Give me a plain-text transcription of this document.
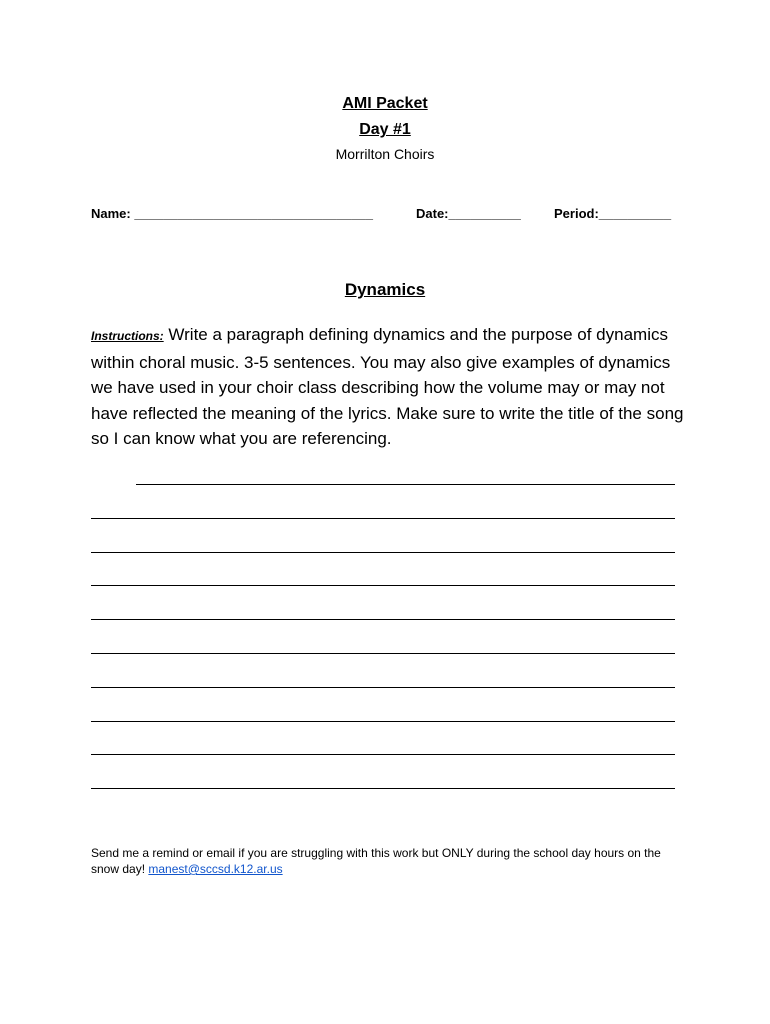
AMI Packet
Day #1
Morrilton Choirs
Name: _________________________________	Date:__________	Period:__________
Dynamics
Instructions: Write a paragraph defining dynamics and the purpose of dynamics within choral music. 3-5 sentences. You may also give examples of dynamics we have used in your choir class describing how the volume may or may not have reflected the meaning of the lyrics. Make sure to write the title of the song so I can know what you are referencing.
Send me a remind or email if you are struggling with this work but ONLY during the school day hours on the snow day! manest@sccsd.k12.ar.us
